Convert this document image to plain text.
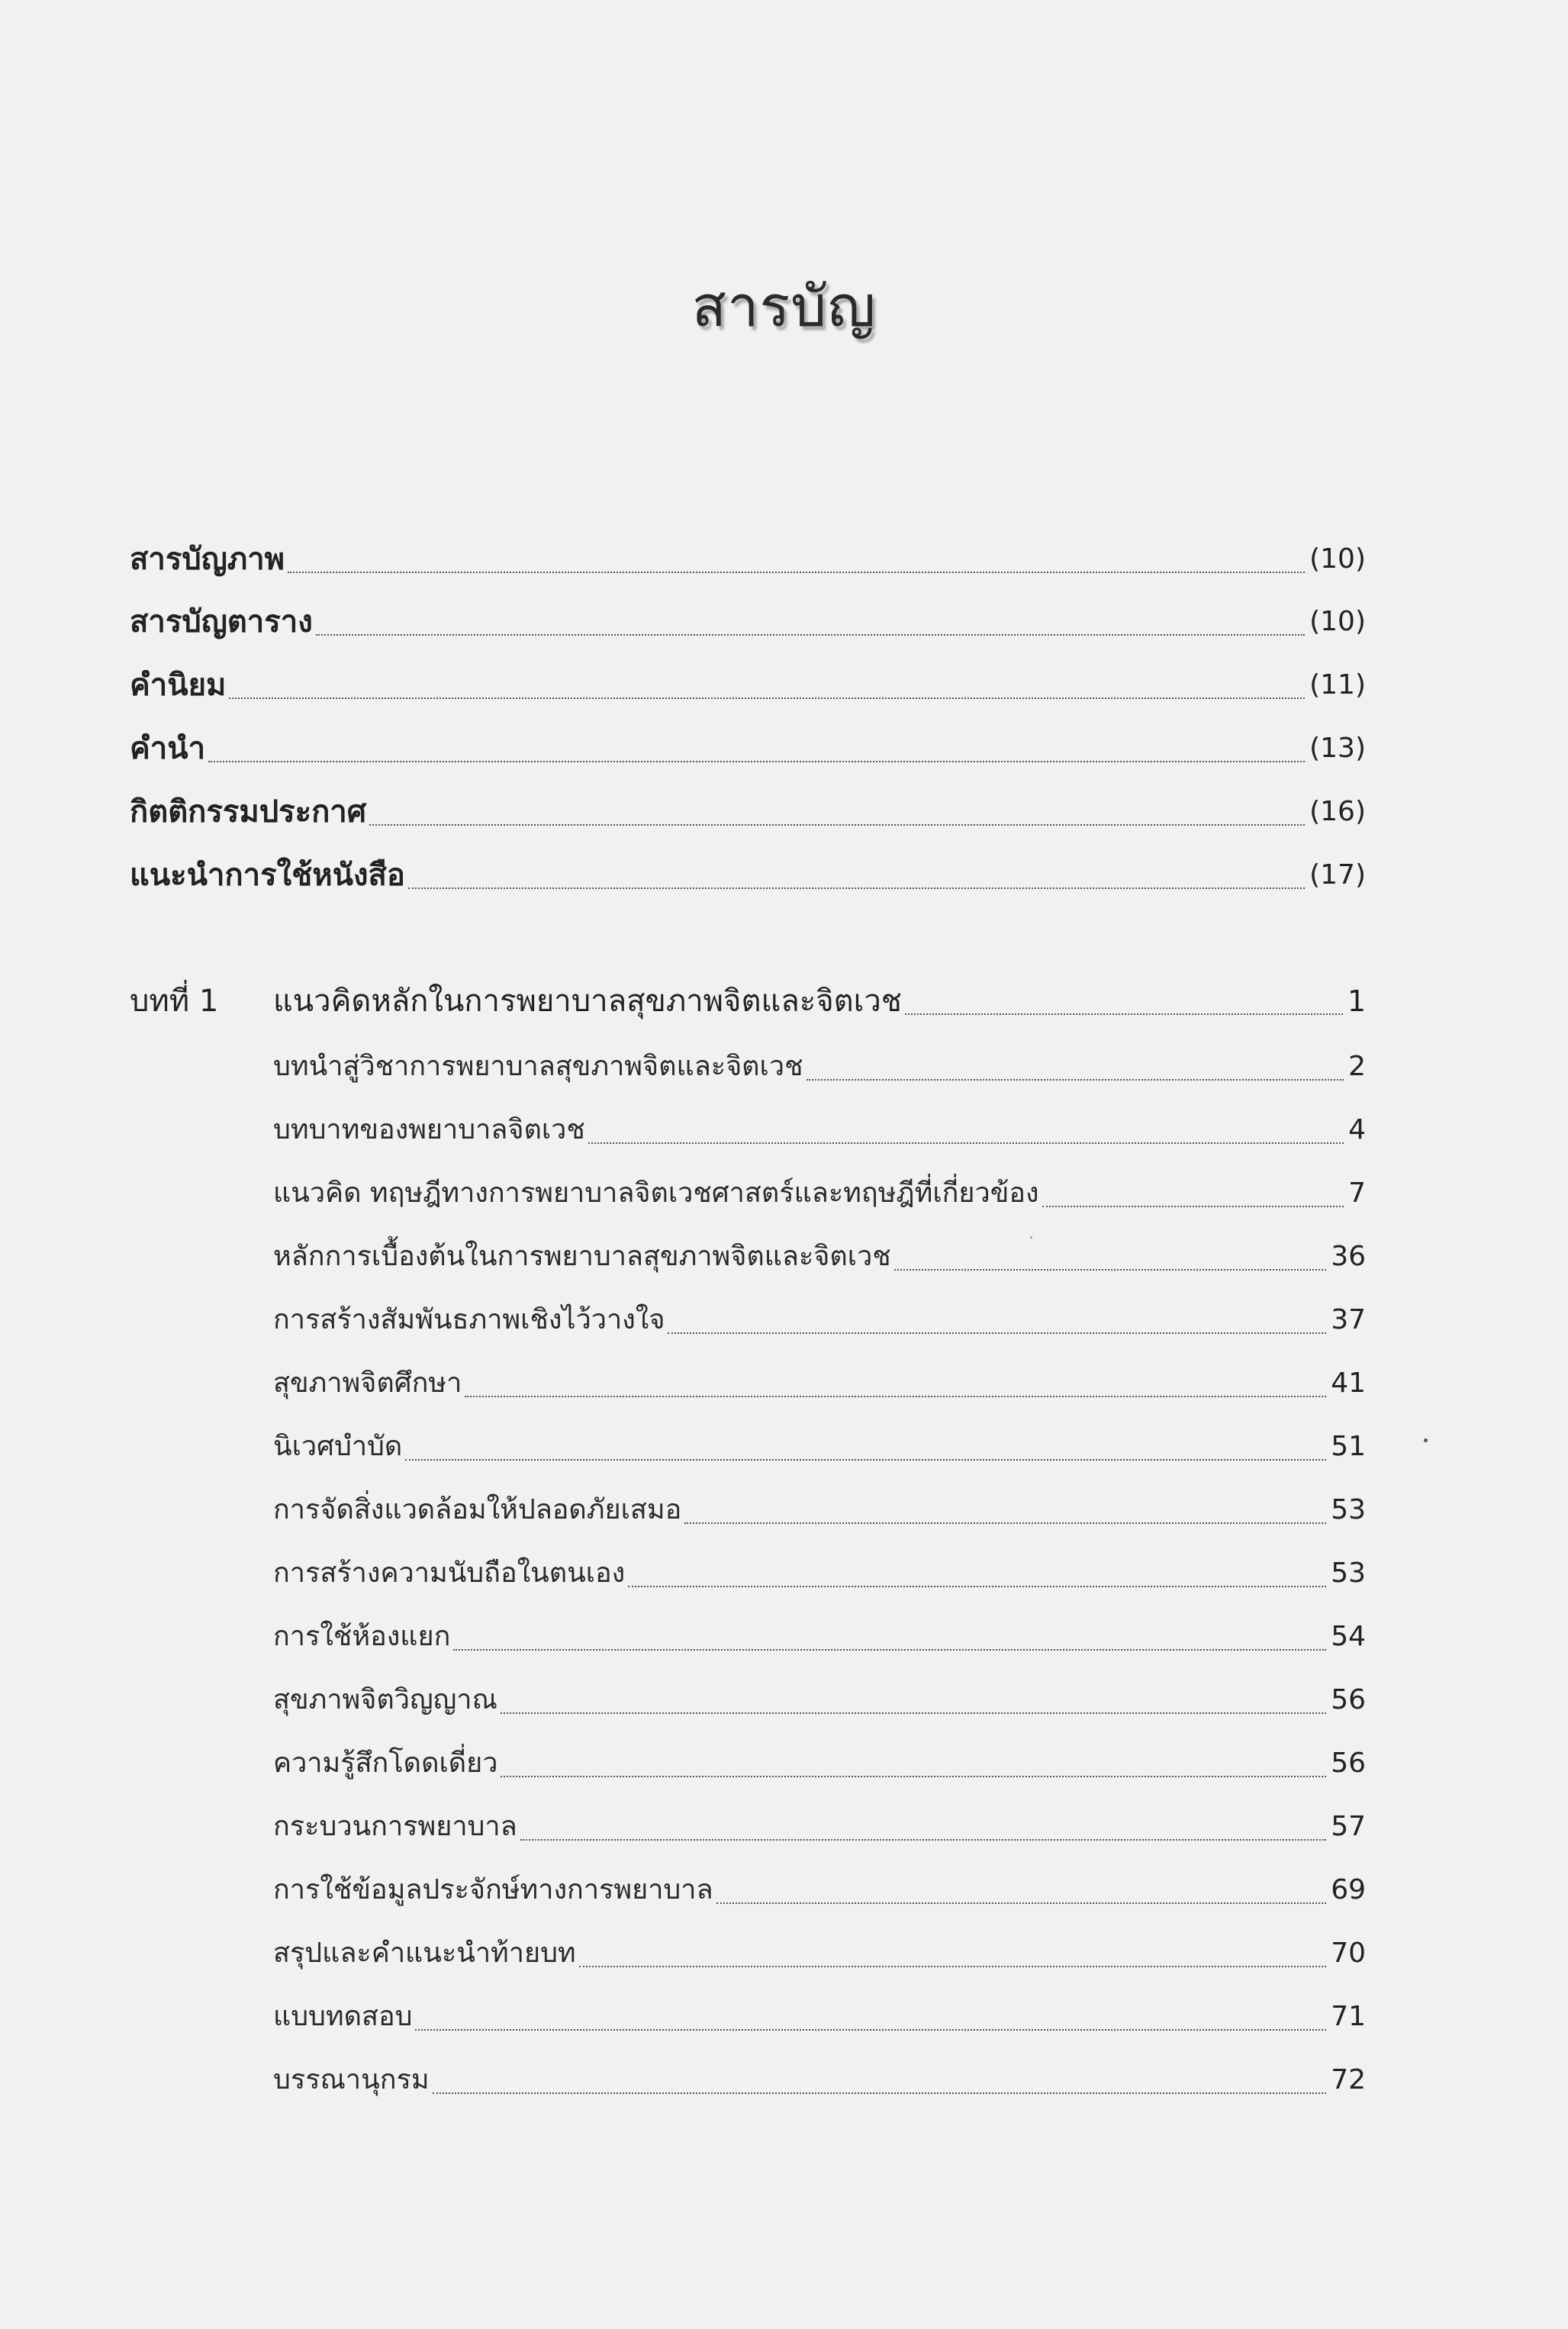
สารบัญ
สารบัญภาพ	(10)
สารบัญตาราง	(10)
คำนิยม	(11)
คำนำ	(13)
กิตติกรรมประกาศ	(16)
แนะนำการใช้หนังสือ	(17)
บทที่ 1	แนวคิดหลักในการพยาบาลสุขภาพจิตและจิตเวช	1
บทนำสู่วิชาการพยาบาลสุขภาพจิตและจิตเวช	2
บทบาทของพยาบาลจิตเวช	4
แนวคิด ทฤษฎีทางการพยาบาลจิตเวชศาสตร์และทฤษฎีที่เกี่ยวข้อง	7
หลักการเบื้องต้นในการพยาบาลสุขภาพจิตและจิตเวช	36
การสร้างสัมพันธภาพเชิงไว้วางใจ	37
สุขภาพจิตศึกษา	41
นิเวศบำบัด	51
การจัดสิ่งแวดล้อมให้ปลอดภัยเสมอ	53
การสร้างความนับถือในตนเอง	53
การใช้ห้องแยก	54
สุขภาพจิตวิญญาณ	56
ความรู้สึกโดดเดี่ยว	56
กระบวนการพยาบาล	57
การใช้ข้อมูลประจักษ์ทางการพยาบาล	69
สรุปและคำแนะนำท้ายบท	70
แบบทดสอบ	71
บรรณานุกรม	72
